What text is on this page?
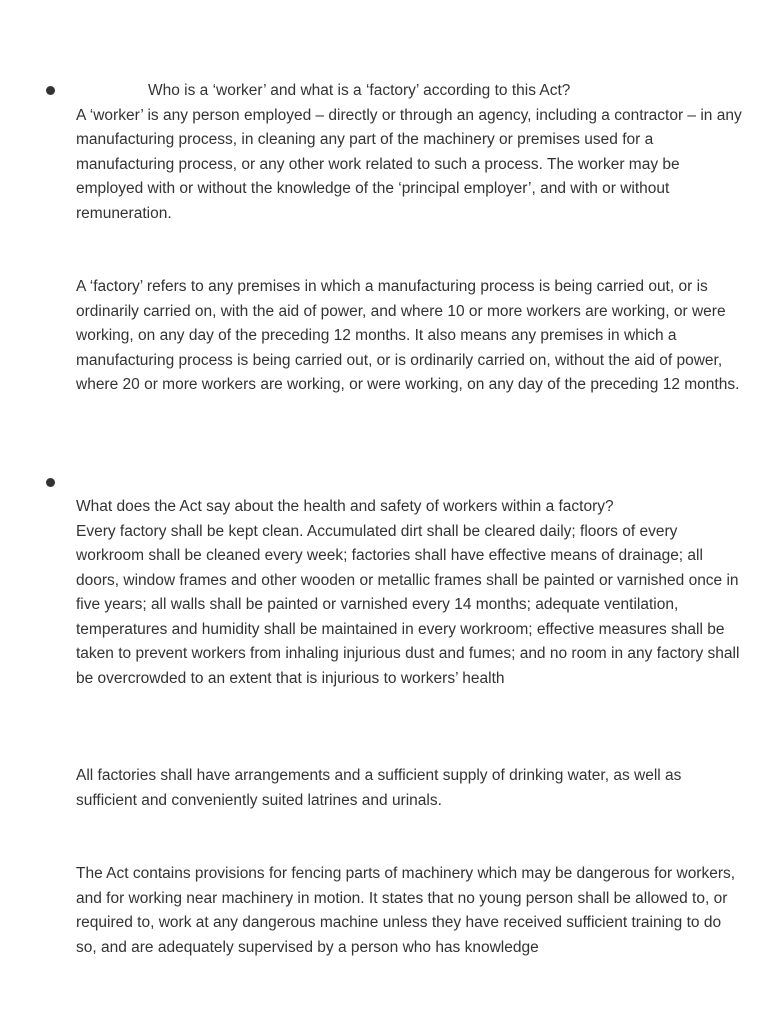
Who is a ‘worker’ and what is a ‘factory’ according to this Act?

A ‘worker’ is any person employed – directly or through an agency, including a contractor – in any manufacturing process, in cleaning any part of the machinery or premises used for a manufacturing process, or any other work related to such a process. The worker may be employed with or without the knowledge of the ‘principal employer’, and with or without remuneration.

A ‘factory’ refers to any premises in which a manufacturing process is being carried out, or is ordinarily carried on, with the aid of power, and where 10 or more workers are working, or were working, on any day of the preceding 12 months. It also means any premises in which a manufacturing process is being carried out, or is ordinarily carried on, without the aid of power, where 20 or more workers are working, or were working, on any day of the preceding 12 months.

What does the Act say about the health and safety of workers within a factory?

Every factory shall be kept clean. Accumulated dirt shall be cleared daily; floors of every workroom shall be cleaned every week; factories shall have effective means of drainage; all doors, window frames and other wooden or metallic frames shall be painted or varnished once in five years; all walls shall be painted or varnished every 14 months; adequate ventilation, temperatures and humidity shall be maintained in every workroom; effective measures shall be taken to prevent workers from inhaling injurious dust and fumes; and no room in any factory shall be overcrowded to an extent that is injurious to workers’ health

All factories shall have arrangements and a sufficient supply of drinking water, as well as sufficient and conveniently suited latrines and urinals.

The Act contains provisions for fencing parts of machinery which may be dangerous for workers, and for working near machinery in motion. It states that no young person shall be allowed to, or required to, work at any dangerous machine unless they have received sufficient training to do so, and are adequately supervised by a person who has knowledge
